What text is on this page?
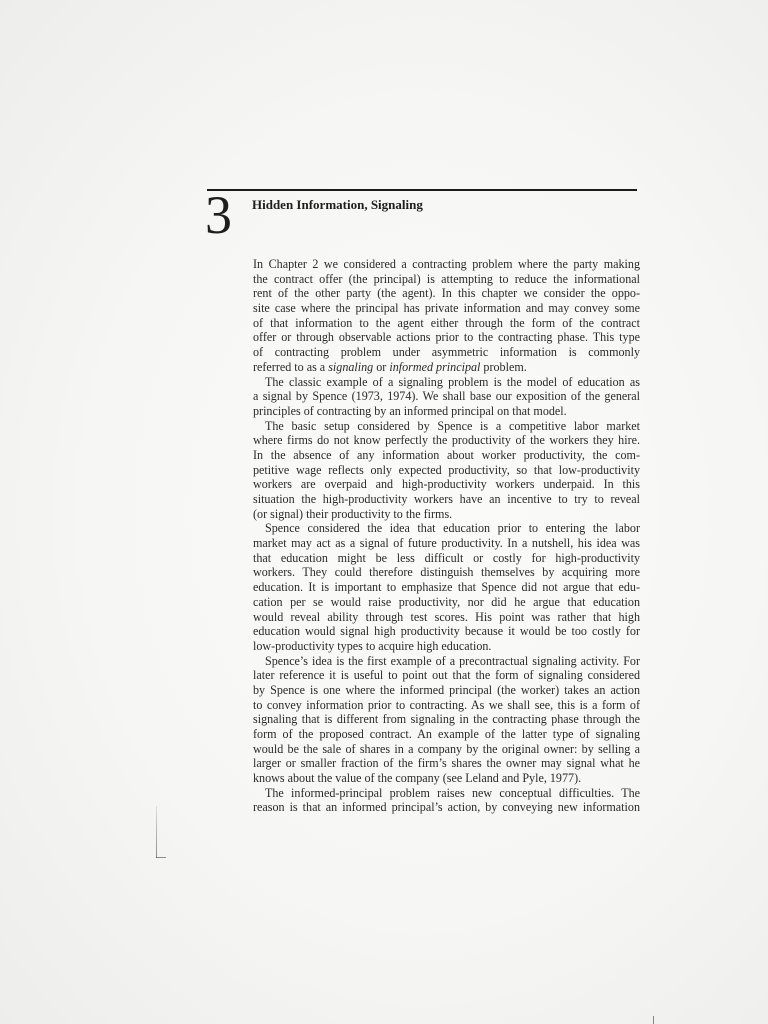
3 Hidden Information, Signaling
In Chapter 2 we considered a contracting problem where the party making
the contract offer (the principal) is attempting to reduce the informational
rent of the other party (the agent). In this chapter we consider the oppo-
site case where the principal has private information and may convey some
of that information to the agent either through the form of the contract
offer or through observable actions prior to the contracting phase. This type
of contracting problem under asymmetric information is commonly
referred to as a signaling or informed principal problem.
The classic example of a signaling problem is the model of education as
a signal by Spence (1973, 1974). We shall base our exposition of the general
principles of contracting by an informed principal on that model.
The basic setup considered by Spence is a competitive labor market
where firms do not know perfectly the productivity of the workers they hire.
In the absence of any information about worker productivity, the com-
petitive wage reflects only expected productivity, so that low-productivity
workers are overpaid and high-productivity workers underpaid. In this
situation the high-productivity workers have an incentive to try to reveal
(or signal) their productivity to the firms.
Spence considered the idea that education prior to entering the labor
market may act as a signal of future productivity. In a nutshell, his idea was
that education might be less difficult or costly for high-productivity
workers. They could therefore distinguish themselves by acquiring more
education. It is important to emphasize that Spence did not argue that edu-
cation per se would raise productivity, nor did he argue that education
would reveal ability through test scores. His point was rather that high
education would signal high productivity because it would be too costly for
low-productivity types to acquire high education.
Spence’s idea is the first example of a precontractual signaling activity. For
later reference it is useful to point out that the form of signaling considered
by Spence is one where the informed principal (the worker) takes an action
to convey information prior to contracting. As we shall see, this is a form of
signaling that is different from signaling in the contracting phase through the
form of the proposed contract. An example of the latter type of signaling
would be the sale of shares in a company by the original owner: by selling a
larger or smaller fraction of the firm’s shares the owner may signal what he
knows about the value of the company (see Leland and Pyle, 1977).
The informed-principal problem raises new conceptual difficulties. The
reason is that an informed principal’s action, by conveying new information
